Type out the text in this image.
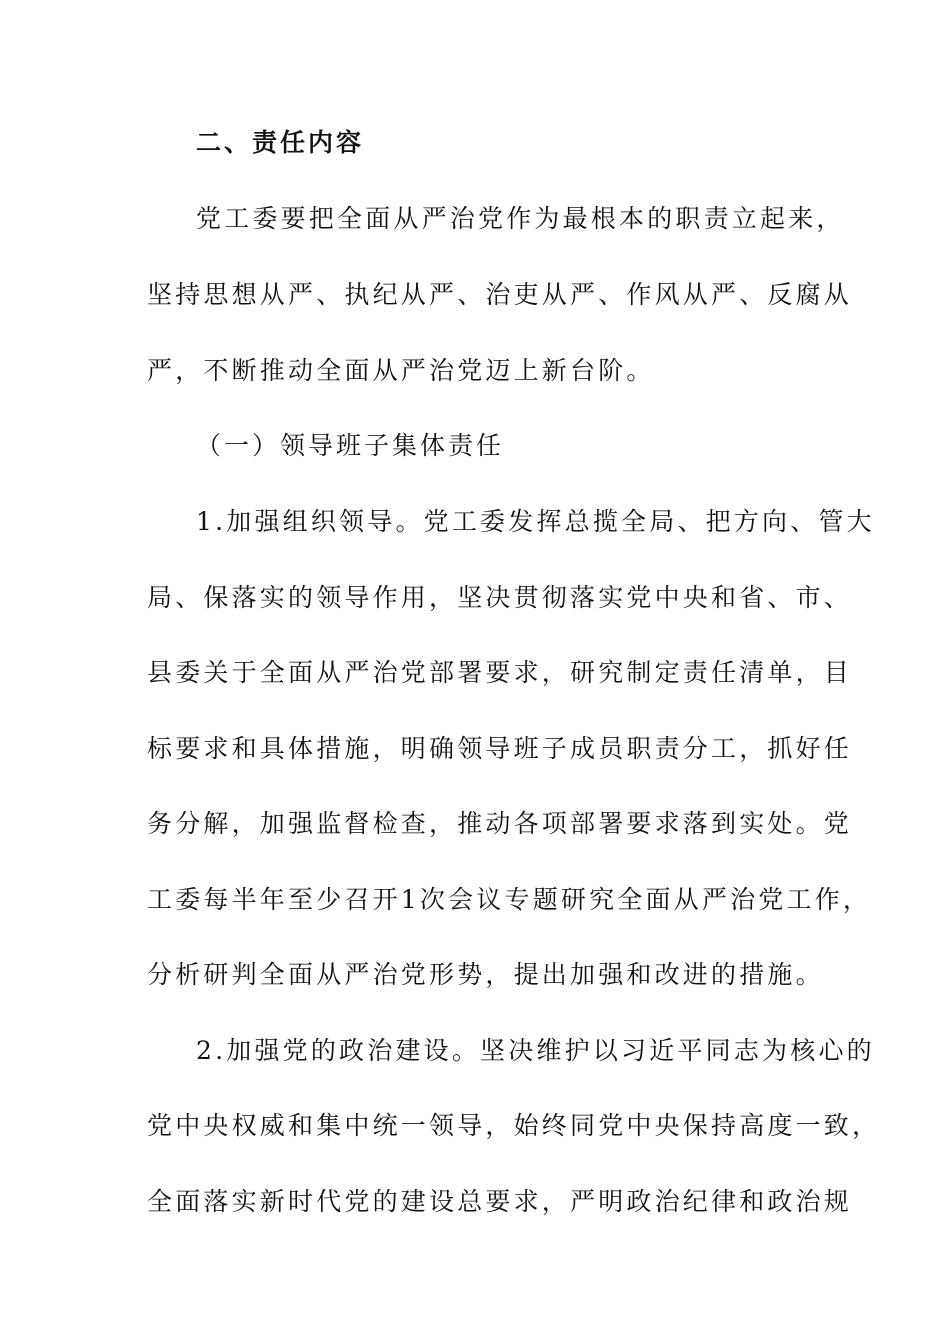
二、责任内容
党工委要把全面从严治党作为最根本的职责立起来，
坚持思想从严、执纪从严、治吏从严、作风从严、反腐从
严，不断推动全面从严治党迈上新台阶。
（一）领导班子集体责任
1.加强组织领导。党工委发挥总揽全局、把方向、管大
局、保落实的领导作用，坚决贯彻落实党中央和省、市、
县委关于全面从严治党部署要求，研究制定责任清单，目
标要求和具体措施，明确领导班子成员职责分工，抓好任
务分解，加强监督检查，推动各项部署要求落到实处。党
工委每半年至少召开1次会议专题研究全面从严治党工作，
分析研判全面从严治党形势，提出加强和改进的措施。
2.加强党的政治建设。坚决维护以习近平同志为核心的
党中央权威和集中统一领导，始终同党中央保持高度一致，
全面落实新时代党的建设总要求，严明政治纪律和政治规
